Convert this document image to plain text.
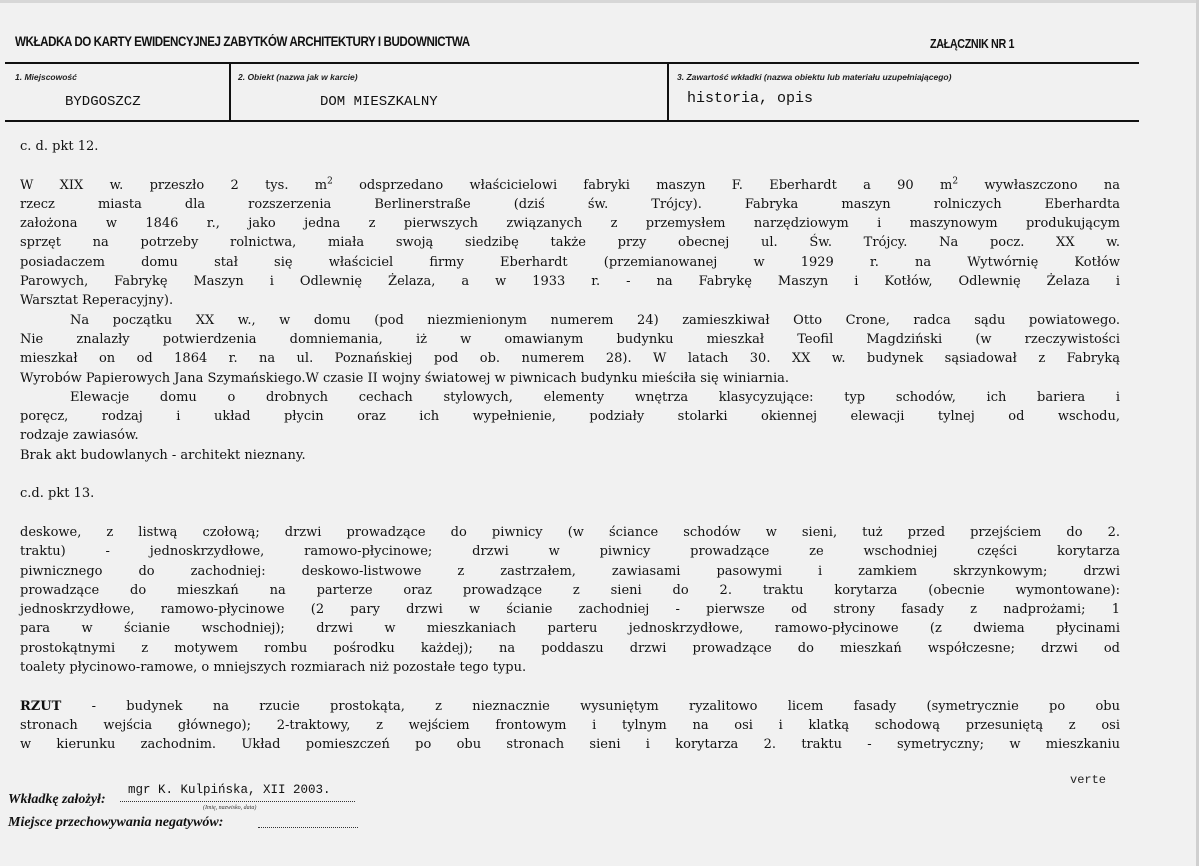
WKŁADKA DO KARTY EWIDENCYJNEJ ZABYTKÓW ARCHITEKTURY I BUDOWNICTWA	ZAŁĄCZNIK NR 1
1. Miejscowość
BYDGOSZCZ
2. Obiekt (nazwa jak w karcie)
DOM MIESZKALNY
3. Zawartość wkładki (nazwa obiektu lub materiału uzupełniającego)
historia, opis
c. d. pkt 12.
W XIX w. przeszło 2 tys. $m^2$ odsprzedano właścicielowi fabryki maszyn F. Eberhardt a 90 $m^2$ wywłaszczono na
rzecz miasta dla rozszerzenia Berlinerstraße (dziś św. Trójcy). Fabryka maszyn rolniczych Eberhardta
założona w 1846 r., jako jedna z pierwszych związanych z przemysłem narzędziowym i maszynowym produkującym
sprzęt na potrzeby rolnictwa, miała swoją siedzibę także przy obecnej ul. Św. Trójcy. Na pocz. XX w.
posiadaczem domu stał się właściciel firmy Eberhardt (przemianowanej w 1929 r. na Wytwórnię Kotłów
Parowych, Fabrykę Maszyn i Odlewnię Żelaza, a w 1933 r. - na Fabrykę Maszyn i Kotłów, Odlewnię Żelaza i
Warsztat Reperacyjny).
Na początku XX w., w domu (pod niezmienionym numerem 24) zamieszkiwał Otto Crone, radca sądu powiatowego.
Nie znalazły potwierdzenia domniemania, iż w omawianym budynku mieszkał Teofil Magdziński (w rzeczywistości
mieszkał on od 1864 r. na ul. Poznańskiej pod ob. numerem 28). W latach 30. XX w. budynek sąsiadował z Fabryką
Wyrobów Papierowych Jana Szymańskiego.W czasie II wojny światowej w piwnicach budynku mieściła się winiarnia.
Elewacje domu o drobnych cechach stylowych, elementy wnętrza klasycyzujące: typ schodów, ich bariera i
poręcz, rodzaj i układ płycin oraz ich wypełnienie, podziały stolarki okiennej elewacji tylnej od wschodu,
rodzaje zawiasów.
Brak akt budowlanych - architekt nieznany.
c.d. pkt 13.
deskowe, z listwą czołową; drzwi prowadzące do piwnicy (w ściance schodów w sieni, tuż przed przejściem do 2.
traktu) - jednoskrzydłowe, ramowo-płycinowe; drzwi w piwnicy prowadzące ze wschodniej części korytarza
piwnicznego do zachodniej: deskowo-listwowe z zastrzałem, zawiasami pasowymi i zamkiem skrzynkowym; drzwi
prowadzące do mieszkań na parterze oraz prowadzące z sieni do 2. traktu korytarza (obecnie wymontowane):
jednoskrzydłowe, ramowo-płycinowe (2 pary drzwi w ścianie zachodniej - pierwsze od strony fasady z nadprożami; 1
para w ścianie wschodniej); drzwi w mieszkaniach parteru jednoskrzydłowe, ramowo-płycinowe (z dwiema płycinami
prostokątnymi z motywem rombu pośrodku każdej); na poddaszu drzwi prowadzące do mieszkań współczesne; drzwi od
toalety płycinowo-ramowe, o mniejszych rozmiarach niż pozostałe tego typu.
RZUT - budynek na rzucie prostokąta, z nieznacznie wysuniętym ryzalitowo licem fasady (symetrycznie po obu
stronach wejścia głównego); 2-traktowy, z wejściem frontowym i tylnym na osi i klatką schodową przesuniętą z osi
w kierunku zachodnim. Układ pomieszczeń po obu stronach sieni i korytarza 2. traktu - symetryczny; w mieszkaniu
verte
Wkładkę założył:
mgr K. Kulpińska, XII 2003.
(Imię, nazwisko, data)
Miejsce przechowywania negatywów:
